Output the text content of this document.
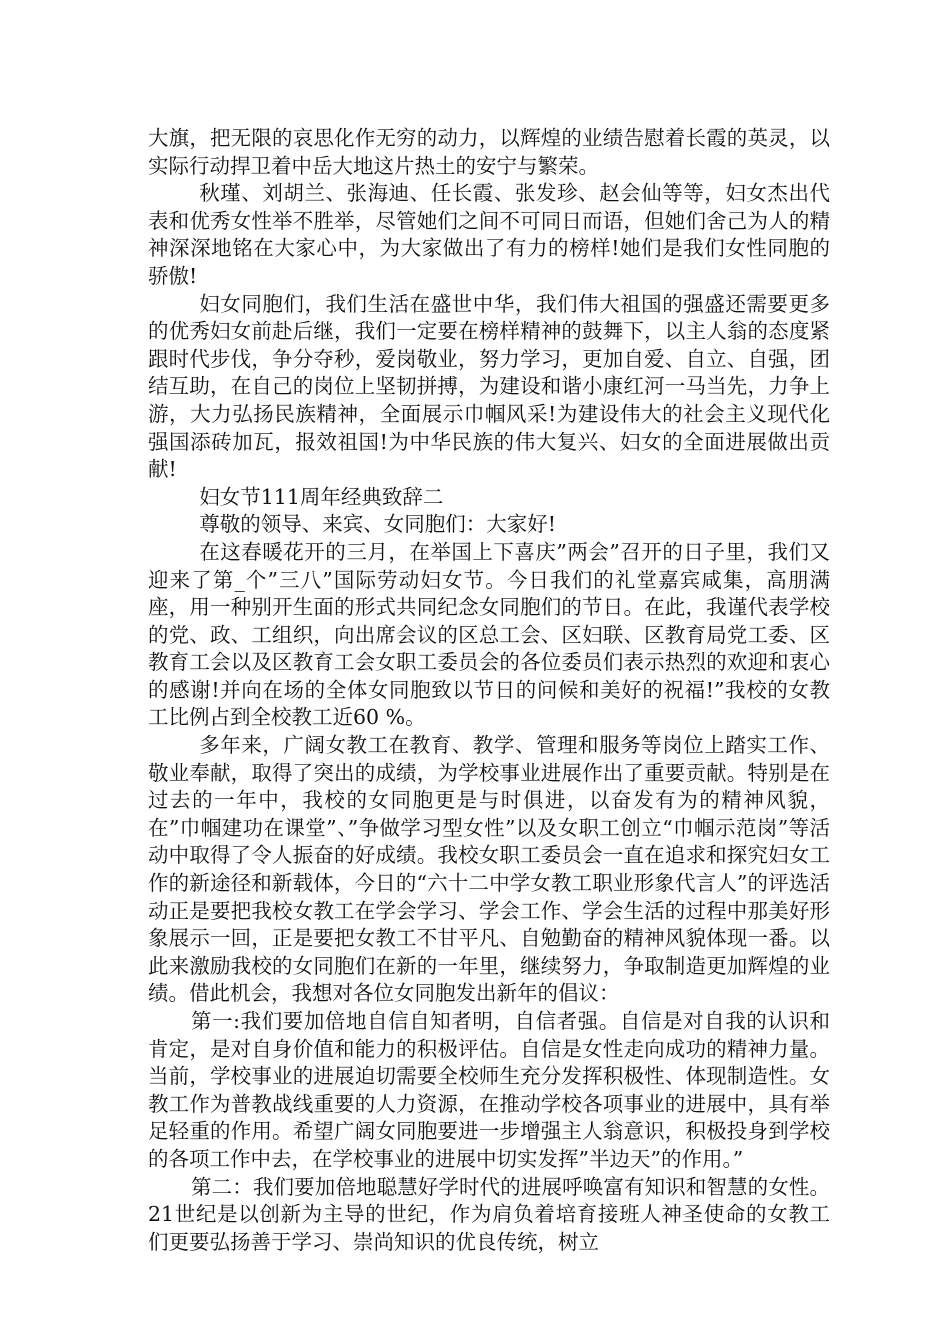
大旗，把无限的哀思化作无穷的动力，以辉煌的业绩告慰着长霞的英灵，以实际行动捍卫着中岳大地这片热土的安宁与繁荣。

秋瑾、刘胡兰、张海迪、任长霞、张发珍、赵会仙等等，妇女杰出代表和优秀女性举不胜举，尽管她们之间不可同日而语，但她们舍己为人的精神深深地铭在大家心中，为大家做出了有力的榜样!她们是我们女性同胞的骄傲!

妇女同胞们，我们生活在盛世中华，我们伟大祖国的强盛还需要更多的优秀妇女前赴后继，我们一定要在榜样精神的鼓舞下，以主人翁的态度紧跟时代步伐，争分夺秒，爱岗敬业，努力学习，更加自爱、自立、自强，团结互助，在自己的岗位上坚韧拼搏，为建设和谐小康红河一马当先，力争上游，大力弘扬民族精神，全面展示巾帼风采!为建设伟大的社会主义现代化强国添砖加瓦，报效祖国!为中华民族的伟大复兴、妇女的全面进展做出贡献!

妇女节111周年经典致辞二

尊敬的领导、来宾、女同胞们：大家好!

在这春暖花开的三月，在举国上下喜庆”两会”召开的日子里，我们又迎来了第_个”三八”国际劳动妇女节。今日我们的礼堂嘉宾咸集，高朋满座，用一种别开生面的形式共同纪念女同胞们的节日。在此，我谨代表学校的党、政、工组织，向出席会议的区总工会、区妇联、区教育局党工委、区教育工会以及区教育工会女职工委员会的各位委员们表示热烈的欢迎和衷心的感谢!并向在场的全体女同胞致以节日的问候和美好的祝福!”我校的女教工比例占到全校教工近60 %。

多年来，广阔女教工在教育、教学、管理和服务等岗位上踏实工作、敬业奉献，取得了突出的成绩，为学校事业进展作出了重要贡献。特别是在过去的一年中，我校的女同胞更是与时俱进，以奋发有为的精神风貌，在”巾帼建功在课堂”、”争做学习型女性”以及女职工创立“巾帼示范岗”等活动中取得了令人振奋的好成绩。我校女职工委员会一直在追求和探究妇女工作的新途径和新载体，今日的“六十二中学女教工职业形象代言人”的评选活动正是要把我校女教工在学会学习、学会工作、学会生活的过程中那美好形象展示一回，正是要把女教工不甘平凡、自勉勤奋的精神风貌体现一番。以此来激励我校的女同胞们在新的一年里，继续努力，争取制造更加辉煌的业绩。借此机会，我想对各位女同胞发出新年的倡议：

第一:我们要加倍地自信自知者明，自信者强。自信是对自我的认识和肯定，是对自身价值和能力的积极评估。自信是女性走向成功的精神力量。当前，学校事业的进展迫切需要全校师生充分发挥积极性、体现制造性。女教工作为普教战线重要的人力资源，在推动学校各项事业的进展中，具有举足轻重的作用。希望广阔女同胞要进一步增强主人翁意识，积极投身到学校的各项工作中去，在学校事业的进展中切实发挥”半边天”的作用。”

第二：我们要加倍地聪慧好学时代的进展呼唤富有知识和智慧的女性。21世纪是以创新为主导的世纪，作为肩负着培育接班人神圣使命的女教工们更要弘扬善于学习、崇尚知识的优良传统，树立
